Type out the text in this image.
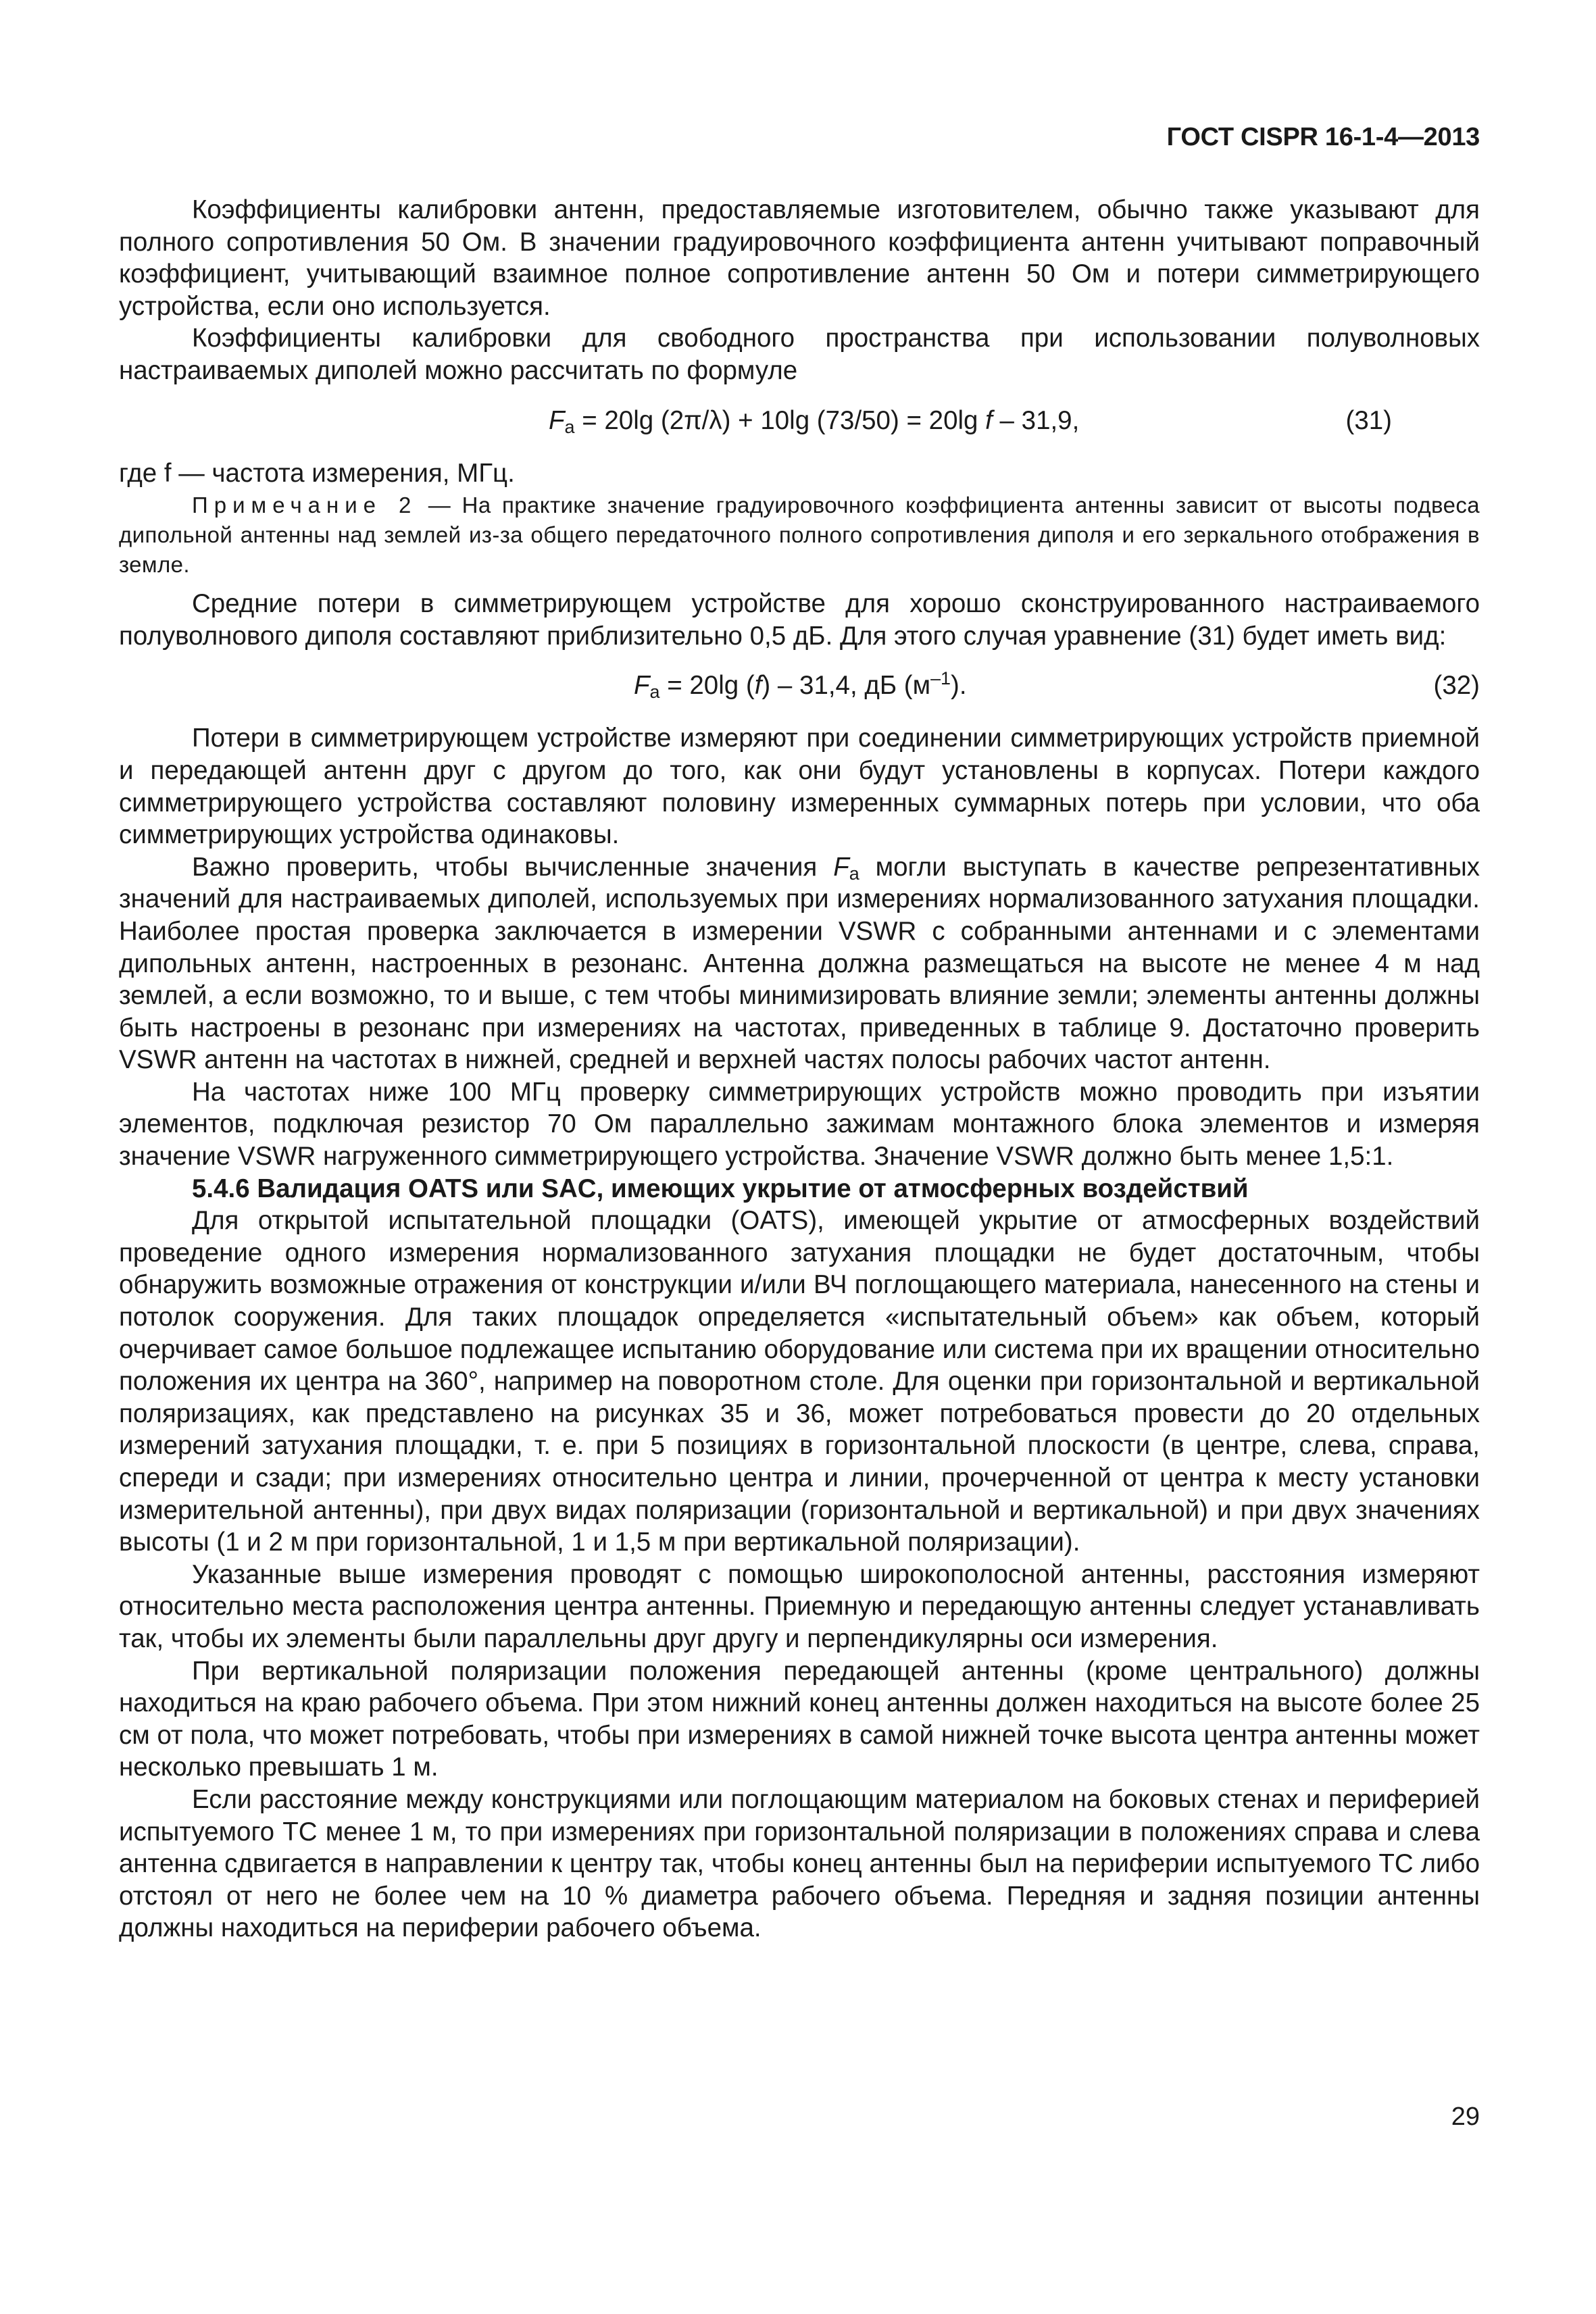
ГОСТ CISPR 16-1-4—2013

Коэффициенты калибровки антенн, предоставляемые изготовителем, обычно также указывают для полного сопротивления 50 Ом. В значении градуировочного коэффициента антенн учитывают поправочный коэффициент, учитывающий взаимное полное сопротивление антенн 50 Ом и потери симметрирующего устройства, если оно используется.

Коэффициенты калибровки для свободного пространства при использовании полуволновых настраиваемых диполей можно рассчитать по формуле

$F_a = 20\lg$ (2π/λ) + 10lg (73/50) = 20lg f – 31,9,	(31)

где f — частота измерения, МГц.

Примечание 2 — На практике значение градуировочного коэффициента антенны зависит от высоты подвеса дипольной антенны над землей из-за общего передаточного полного сопротивления диполя и его зеркального отображения в земле.

Средние потери в симметрирующем устройстве для хорошо сконструированного настраиваемого полуволнового диполя составляют приблизительно 0,5 дБ. Для этого случая уравнение (31) будет иметь вид:

$F_a = 20\lg$ (f) – 31,4, дБ $(м^{-1})$.	(32)

Потери в симметрирующем устройстве измеряют при соединении симметрирующих устройств приемной и передающей антенн друг с другом до того, как они будут установлены в корпусах. Потери каждого симметрирующего устройства составляют половину измеренных суммарных потерь при условии, что оба симметрирующих устройства одинаковы.

Важно проверить, чтобы вычисленные значения $F_a$ могли выступать в качестве репрезентативных значений для настраиваемых диполей, используемых при измерениях нормализованного затухания площадки. Наиболее простая проверка заключается в измерении VSWR с собранными антеннами и с элементами дипольных антенн, настроенных в резонанс. Антенна должна размещаться на высоте не менее 4 м над землей, а если возможно, то и выше, с тем чтобы минимизировать влияние земли; элементы антенны должны быть настроены в резонанс при измерениях на частотах, приведенных в таблице 9. Достаточно проверить VSWR антенн на частотах в нижней, средней и верхней частях полосы рабочих частот антенн.

На частотах ниже 100 МГц проверку симметрирующих устройств можно проводить при изъятии элементов, подключая резистор 70 Ом параллельно зажимам монтажного блока элементов и измеряя значение VSWR нагруженного симметрирующего устройства. Значение VSWR должно быть менее 1,5:1.

5.4.6 Валидация OATS или SAC, имеющих укрытие от атмосферных воздействий

Для открытой испытательной площадки (OATS), имеющей укрытие от атмосферных воздействий проведение одного измерения нормализованного затухания площадки не будет достаточным, чтобы обнаружить возможные отражения от конструкции и/или ВЧ поглощающего материала, нанесенного на стены и потолок сооружения. Для таких площадок определяется «испытательный объем» как объем, который очерчивает самое большое подлежащее испытанию оборудование или система при их вращении относительно положения их центра на 360°, например на поворотном столе. Для оценки при горизонтальной и вертикальной поляризациях, как представлено на рисунках 35 и 36, может потребоваться провести до 20 отдельных измерений затухания площадки, т. е. при 5 позициях в горизонтальной плоскости (в центре, слева, справа, спереди и сзади; при измерениях относительно центра и линии, прочерченной от центра к месту установки измерительной антенны), при двух видах поляризации (горизонтальной и вертикальной) и при двух значениях высоты (1 и 2 м при горизонтальной, 1 и 1,5 м при вертикальной поляризации).

Указанные выше измерения проводят с помощью широкополосной антенны, расстояния измеряют относительно места расположения центра антенны. Приемную и передающую антенны следует устанавливать так, чтобы их элементы были параллельны друг другу и перпендикулярны оси измерения.

При вертикальной поляризации положения передающей антенны (кроме центрального) должны находиться на краю рабочего объема. При этом нижний конец антенны должен находиться на высоте более 25 см от пола, что может потребовать, чтобы при измерениях в самой нижней точке высота центра антенны может несколько превышать 1 м.

Если расстояние между конструкциями или поглощающим материалом на боковых стенах и периферией испытуемого ТС менее 1 м, то при измерениях при горизонтальной поляризации в положениях справа и слева антенна сдвигается в направлении к центру так, чтобы конец антенны был на периферии испытуемого ТС либо отстоял от него не более чем на 10 % диаметра рабочего объема. Передняя и задняя позиции антенны должны находиться на периферии рабочего объема.

29
